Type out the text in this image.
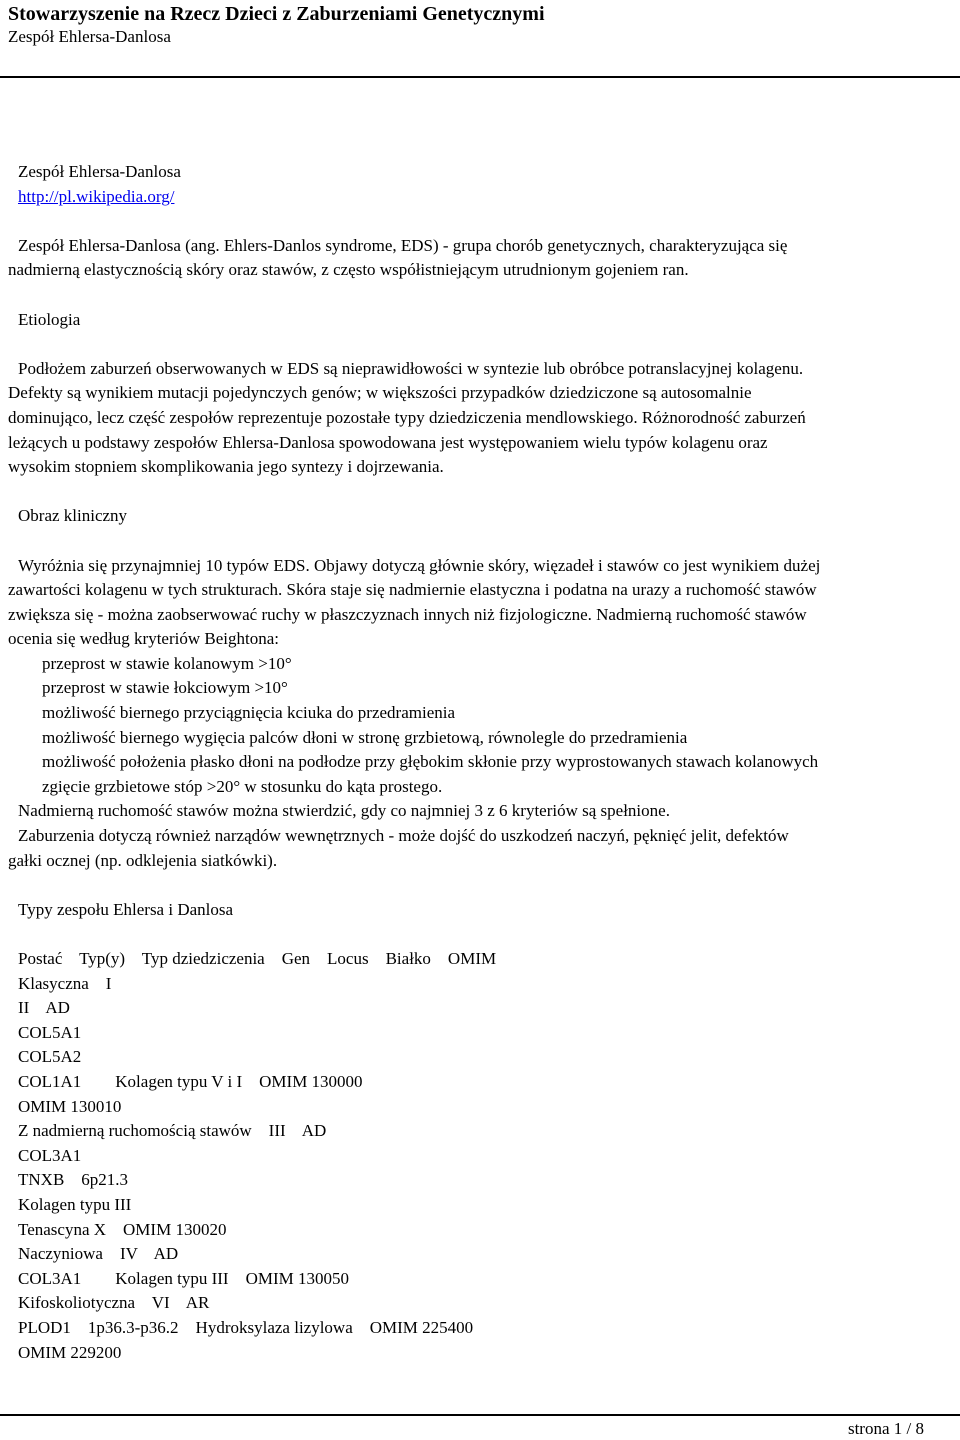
Stowarzyszenie na Rzecz Dzieci z Zaburzeniami Genetycznymi
Zespół Ehlersa-Danlosa

Zespół Ehlersa-Danlosa

http://pl.wikipedia.org/

Zespół Ehlersa-Danlosa (ang. Ehlers-Danlos syndrome, EDS) - grupa chorób genetycznych, charakteryzująca się

nadmierną elastycznością skóry oraz stawów, z często współistniejącym utrudnionym gojeniem ran.

Etiologia

Podłożem zaburzeń obserwowanych w EDS są nieprawidłowości w syntezie lub obróbce potranslacyjnej kolagenu.

Defekty są wynikiem mutacji pojedynczych genów; w większości przypadków dziedziczone są autosomalnie

dominująco, lecz część zespołów reprezentuje pozostałe typy dziedziczenia mendlowskiego. Różnorodność zaburzeń

leżących u podstawy zespołów Ehlersa-Danlosa spowodowana jest występowaniem wielu typów kolagenu oraz

wysokim stopniem skomplikowania jego syntezy i dojrzewania.

Obraz kliniczny

Wyróżnia się przynajmniej 10 typów EDS. Objawy dotyczą głównie skóry, więzadeł i stawów co jest wynikiem dużej

zawartości kolagenu w tych strukturach. Skóra staje się nadmiernie elastyczna i podatna na urazy a ruchomość stawów

zwiększa się - można zaobserwować ruchy w płaszczyznach innych niż fizjologiczne. Nadmierną ruchomość stawów

ocenia się według kryteriów Beightona:

przeprost w stawie kolanowym >10°
przeprost w stawie łokciowym >10°
możliwość biernego przyciągnięcia kciuka do przedramienia
możliwość biernego wygięcia palców dłoni w stronę grzbietową, równolegle do przedramienia
możliwość położenia płasko dłoni na podłodze przy głębokim skłonie przy wyprostowanych stawach kolanowych
zgięcie grzbietowe stóp >20° w stosunku do kąta prostego.

Nadmierną ruchomość stawów można stwierdzić, gdy co najmniej 3 z 6 kryteriów są spełnione.

Zaburzenia dotyczą również narządów wewnętrznych - może dojść do uszkodzeń naczyń, pęknięć jelit, defektów

gałki ocznej (np. odklejenia siatkówki).

Typy zespołu Ehlersa i Danlosa

Postać    Typ(y)    Typ dziedziczenia    Gen    Locus    Białko    OMIM
Klasyczna    I
II    AD
COL5A1
COL5A2
COL1A1        Kolagen typu V i I    OMIM 130000
OMIM 130010
Z nadmierną ruchomością stawów    III    AD
COL3A1
TNXB    6p21.3
Kolagen typu III
Tenascyna X    OMIM 130020
Naczyniowa    IV    AD
COL3A1        Kolagen typu III    OMIM 130050
Kifoskoliotyczna    VI    AR
PLOD1    1p36.3-p36.2    Hydroksylaza lizylowa    OMIM 225400
OMIM 229200
strona 1 / 8
